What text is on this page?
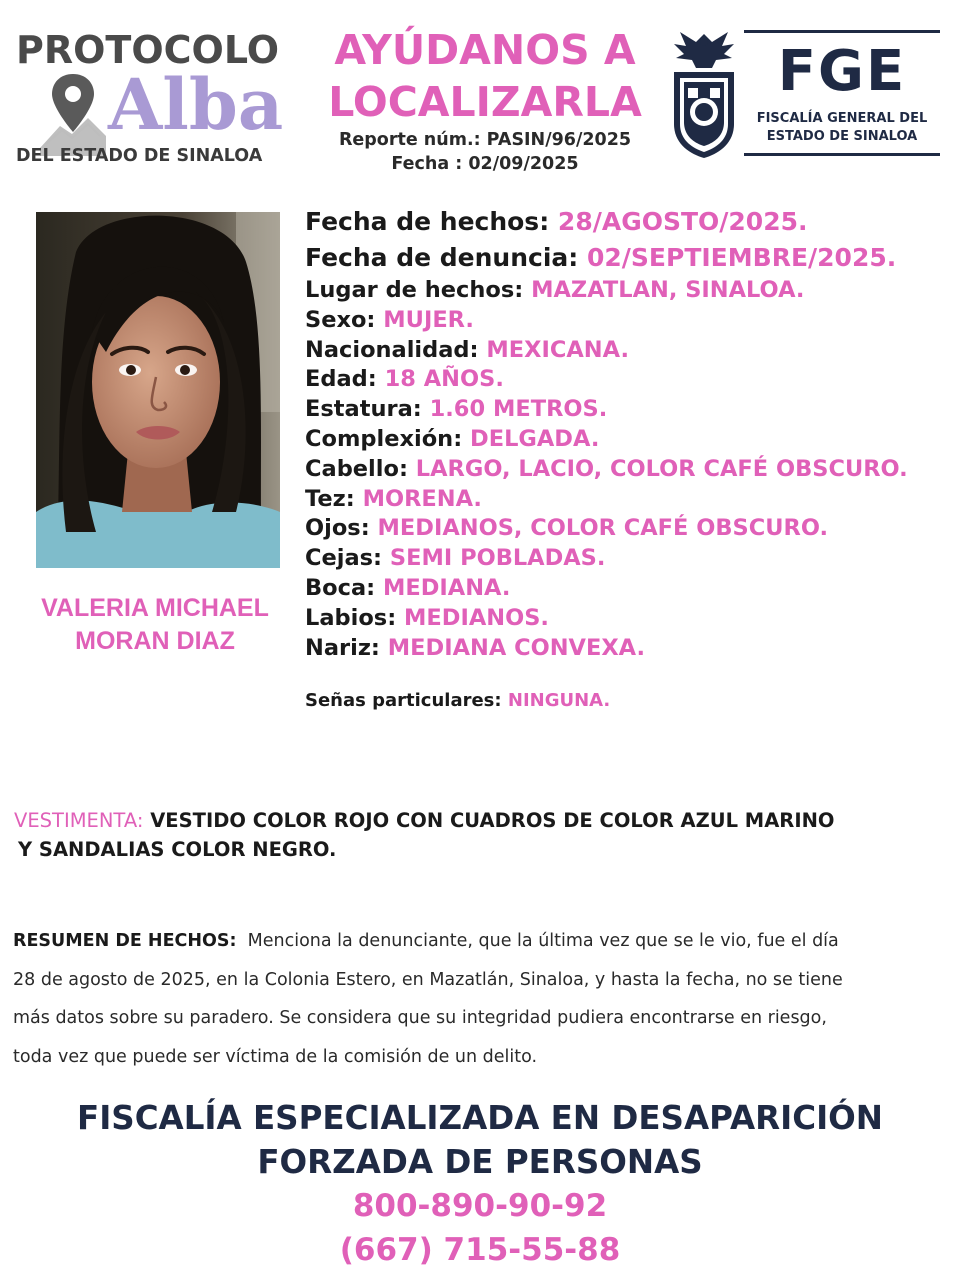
PROTOCOLO
Alba
DEL ESTADO DE SINALOA
AYÚDANOS A
LOCALIZARLA
Reporte núm.: PASIN/96/2025
Fecha : 02/09/2025
FGE
FISCALÍA GENERAL DEL
ESTADO DE SINALOA
VALERIA MICHAEL
MORAN DIAZ
Fecha de hechos: 28/AGOSTO/2025.
Fecha de denuncia: 02/SEPTIEMBRE/2025.
Lugar de hechos: MAZATLAN, SINALOA.
Sexo: MUJER.
Nacionalidad: MEXICANA.
Edad: 18 AÑOS.
Estatura: 1.60 METROS.
Complexión: DELGADA.
Cabello: LARGO, LACIO, COLOR CAFÉ OBSCURO.
Tez: MORENA.
Ojos: MEDIANOS, COLOR CAFÉ OBSCURO.
Cejas: SEMI POBLADAS.
Boca: MEDIANA.
Labios: MEDIANOS.
Nariz: MEDIANA CONVEXA.
Señas particulares: NINGUNA.
VESTIMENTA: VESTIDO COLOR ROJO CON CUADROS DE COLOR AZUL MARINO
Y SANDALIAS COLOR NEGRO.
RESUMEN DE HECHOS: Menciona la denunciante, que la última vez que se le vio, fue el día
28 de agosto de 2025, en la Colonia Estero, en Mazatlán, Sinaloa, y hasta la fecha, no se tiene
más datos sobre su paradero. Se considera que su integridad pudiera encontrarse en riesgo,
toda vez que puede ser víctima de la comisión de un delito.
FISCALÍA ESPECIALIZADA EN DESAPARICIÓN
FORZADA DE PERSONAS
800-890-90-92
(667) 715-55-88
